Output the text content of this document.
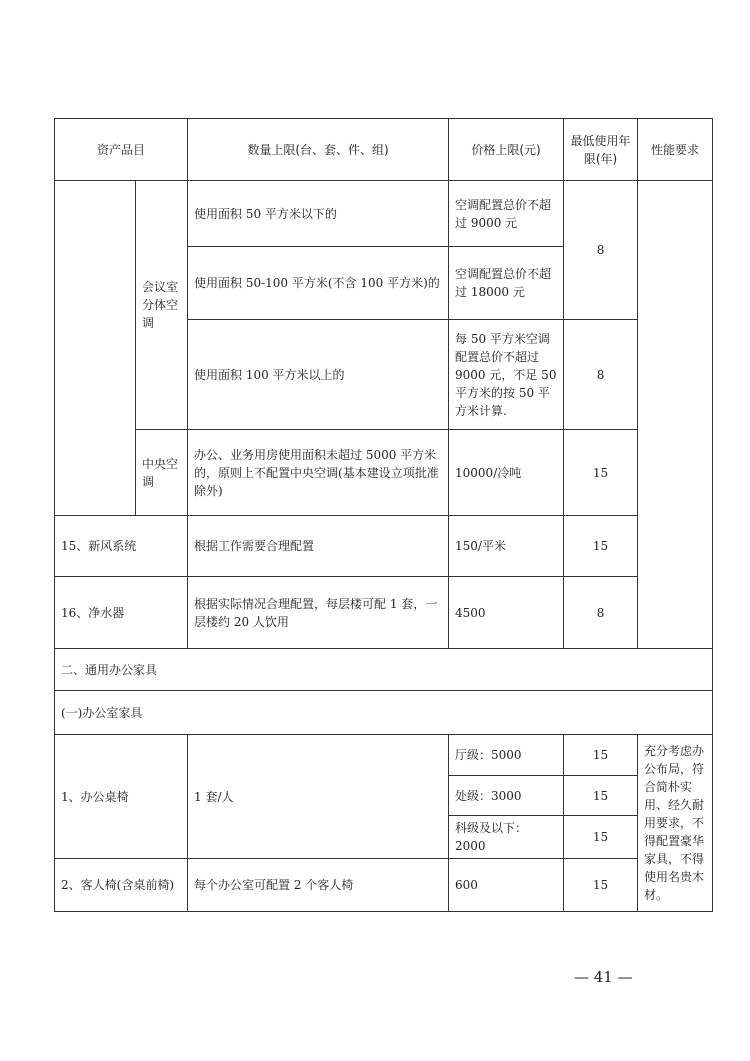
资产品目		数量上限(台、套、件、组)	价格上限(元)	最低使用年限(年)	性能要求
	会议室分体空调	使用面积 50 平方米以下的	空调配置总价不超过 9000 元	8	
		使用面积 50-100 平方米(不含 100 平方米)的	空调配置总价不超过 18000 元		
		使用面积 100 平方米以上的	每 50 平方米空调配置总价不超过 9000 元，不足 50 平方米的按 50 平方米计算.	8	
	中央空调	办公、业务用房使用面积未超过 5000 平方米的，原则上不配置中央空调(基本建设立项批准除外)	10000/冷吨	15	
15、新风系统		根据工作需要合理配置	150/平米	15	
16、净水器		根据实际情况合理配置，每层楼可配 1 套，一层楼约 20 人饮用	4500	8	
二、通用办公家具					
(一)办公室家具					
1、办公桌椅		1 套/人	厅级：5000	15	充分考虑办公布局，符合简朴实用、经久耐用要求，不得配置豪华家具，不得使用名贵木材。
			处级：3000	15	
			科级及以下：2000	15	
2、客人椅(含桌前椅)		每个办公室可配置 2 个客人椅	600	15	
— 41 —
